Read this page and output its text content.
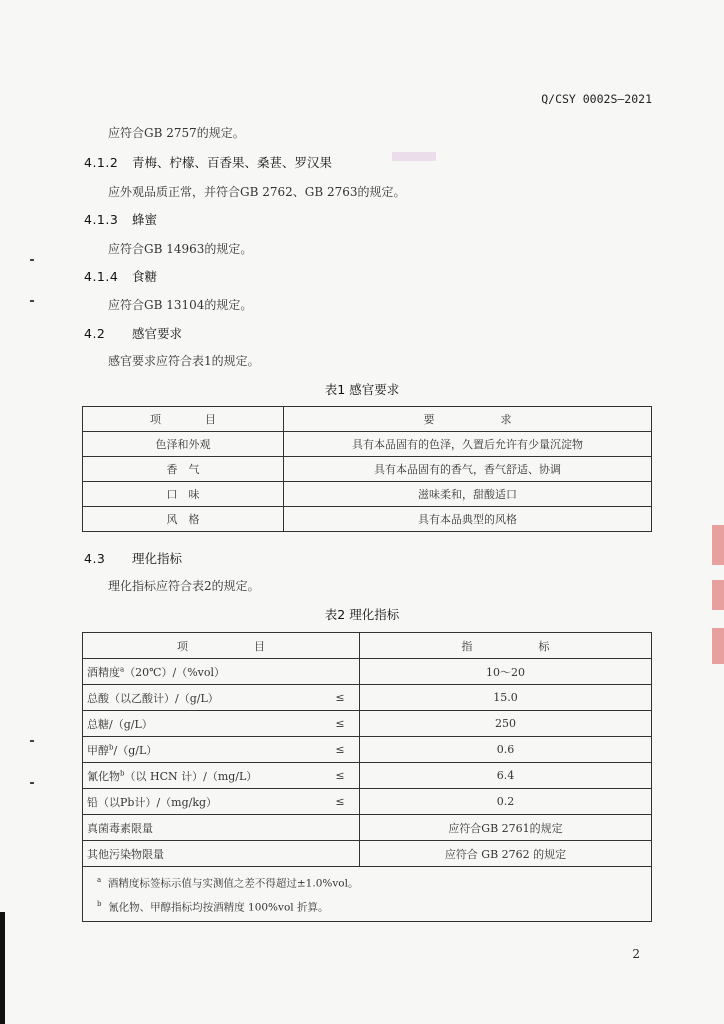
Q/CSY 0002S—2021
应符合GB 2757的规定。
4.1.2 青梅、柠檬、百香果、桑葚、罗汉果
应外观品质正常，并符合GB 2762、GB 2763的规定。
4.1.3 蜂蜜
应符合GB 14963的规定。
4.1.4 食糖
应符合GB 13104的规定。
4.2 感官要求
感官要求应符合表1的规定。
表1 感官要求
项　　　　目	要　　　　　　求
色泽和外观	具有本品固有的色泽，久置后允许有少量沉淀物
香　气	具有本品固有的香气，香气舒适、协调
口　味	滋味柔和，甜酸适口
风　格	具有本品典型的风格
4.3 理化指标
理化指标应符合表2的规定。
表2 理化指标
项　　　　　　目		指　　　　　　标
酒精度$^a$（20℃）/（%vol）		10～20
总酸（以乙酸计）/（g/L）	≤	15.0
总糖/（g/L）	≤	250
甲醇$^b$/（g/L）	≤	0.6
氰化物$^b$（以 HCN 计）/（mg/L）	≤	6.4
铅（以Pb计）/（mg/kg）	≤	0.2
真菌毒素限量		应符合GB 2761的规定
其他污染物限量		应符合 GB 2762 的规定

$^a$ 酒精度标签标示值与实测值之差不得超过±1.0%vol。
$^b$ 氰化物、甲醇指标均按酒精度 100%vol 折算。		
2
